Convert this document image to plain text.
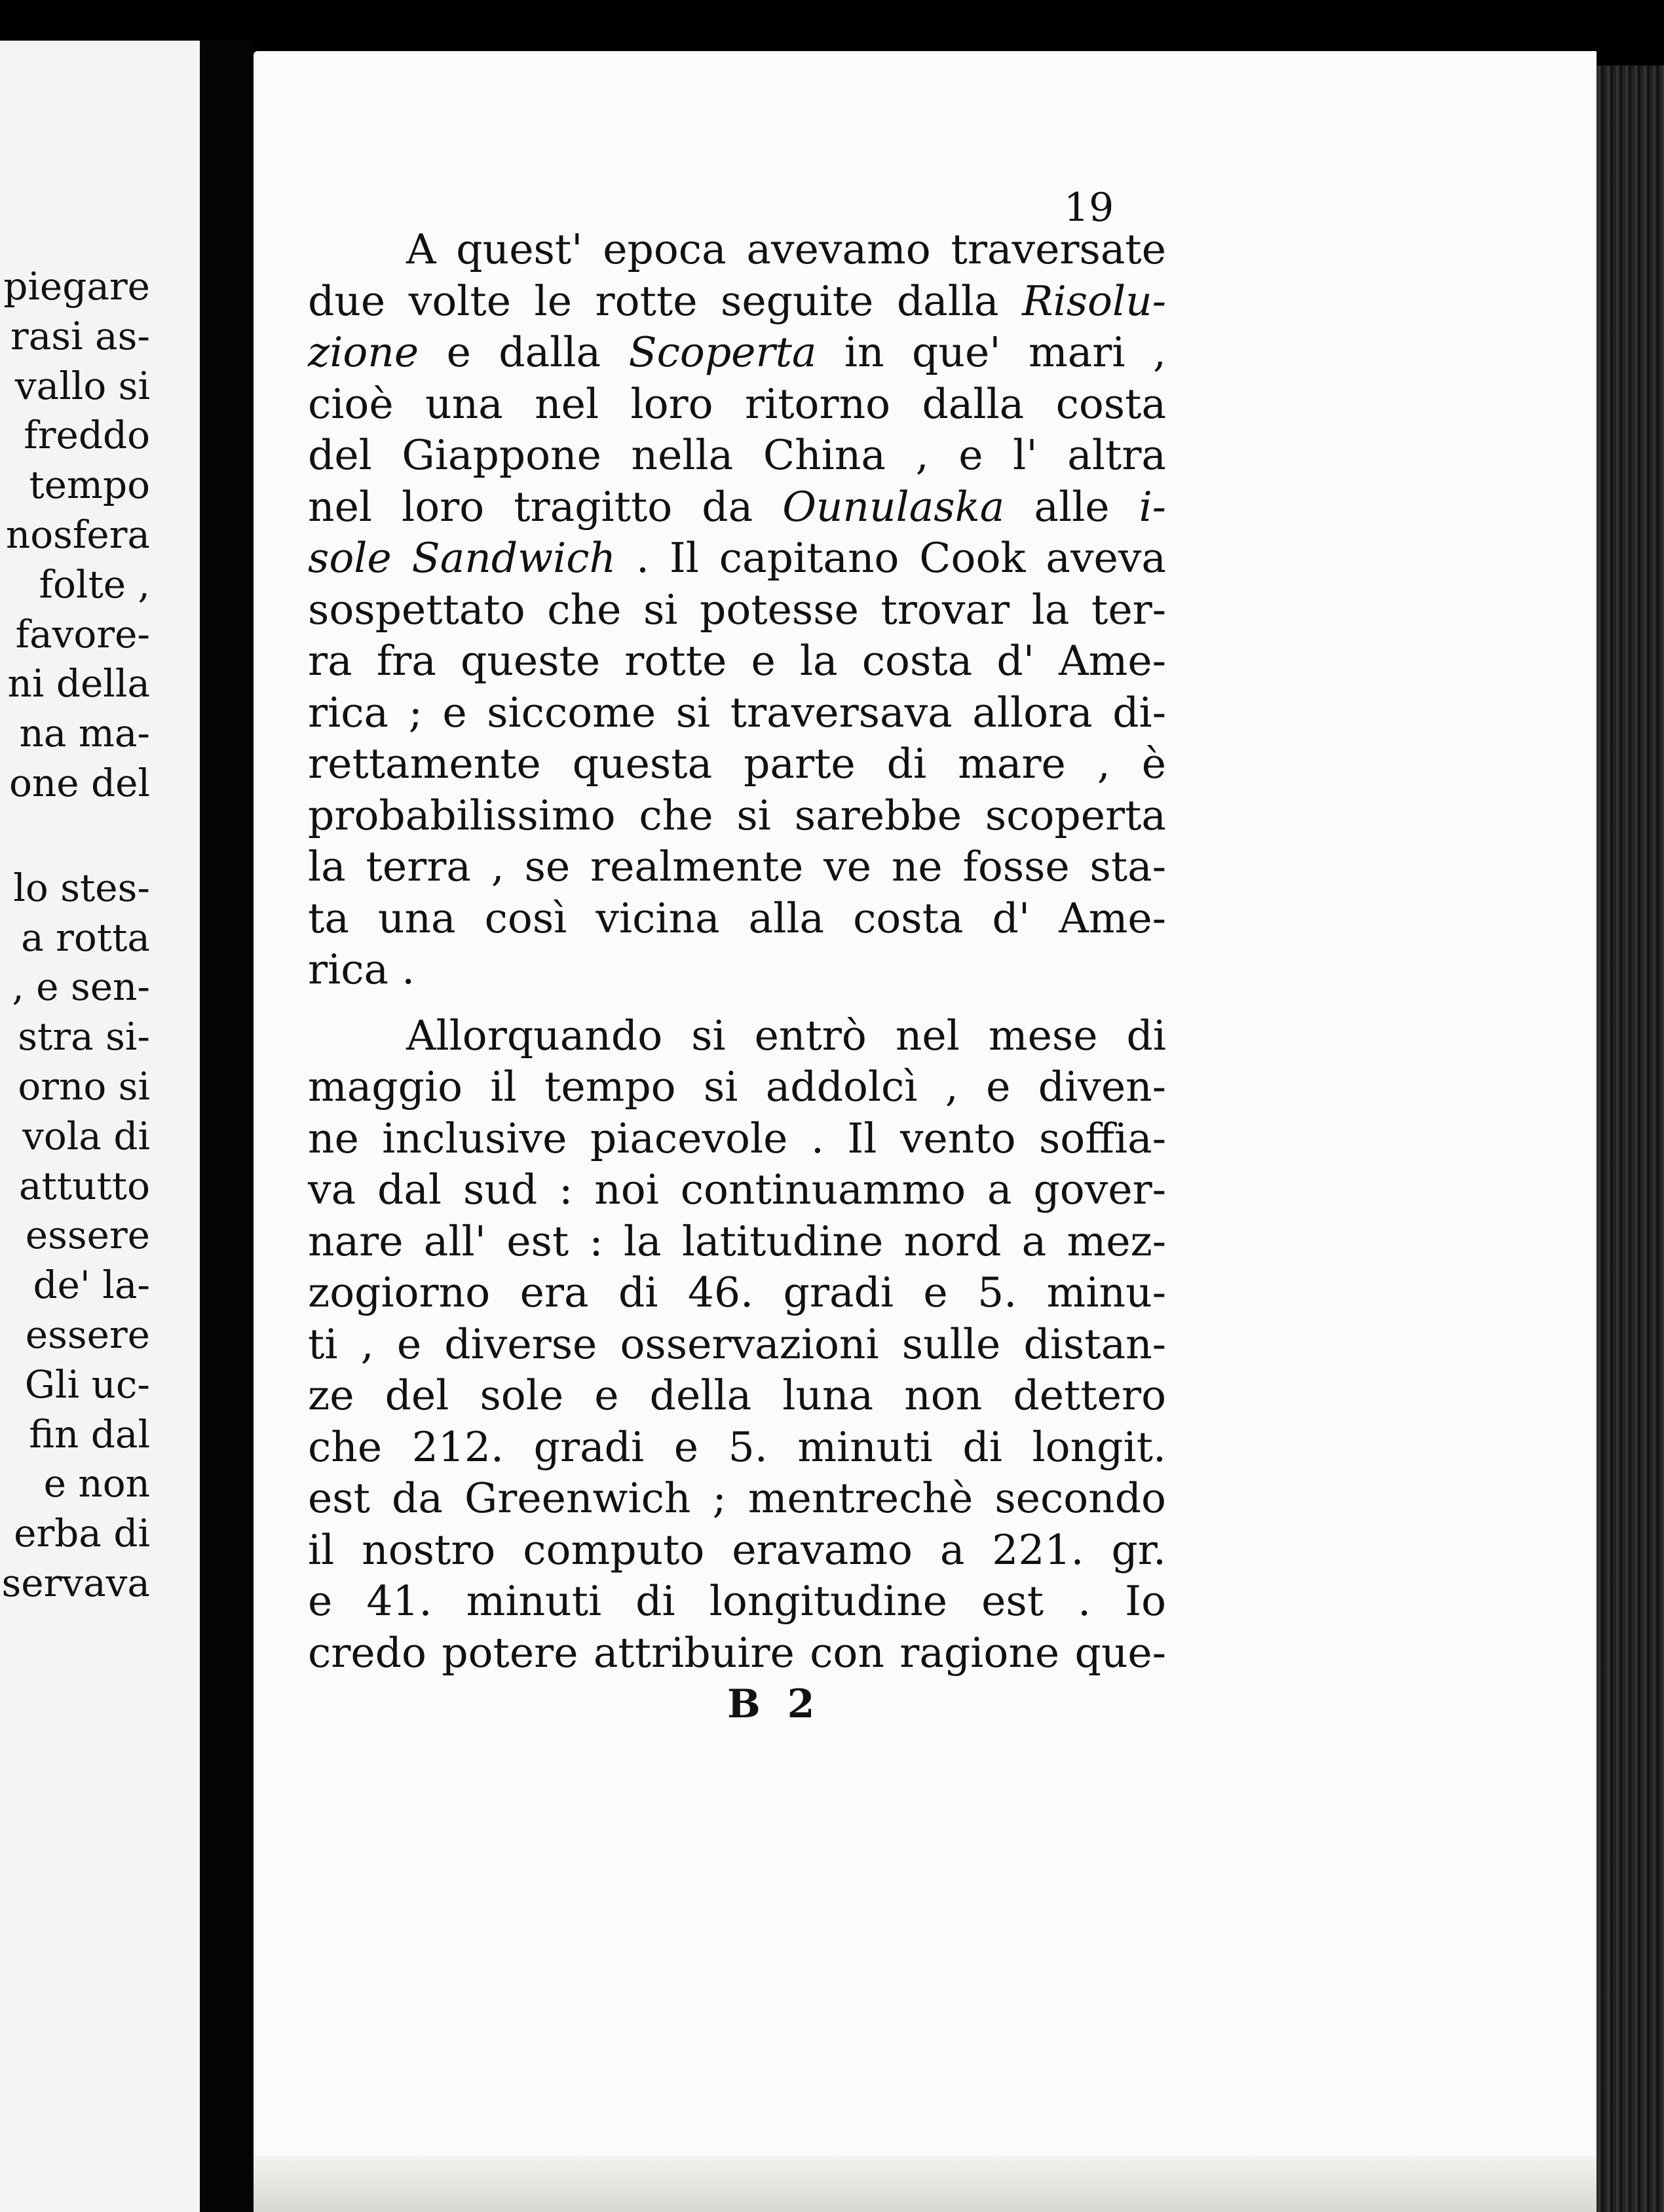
piegare
rasi as-
vallo si
freddo
tempo
nosfera
folte ,
favore-
ni della
na ma-
one del
lo stes-
a rotta
, e sen-
stra si-
orno si
vola di
attutto
essere
de' la-
essere
Gli uc-
fin dal
e non
erba di
servava
19
A quest' epoca avevamo traversate
due volte le rotte seguite dalla Risolu-
zione e dalla Scoperta in que' mari ,
cioè una nel loro ritorno dalla costa
del Giappone nella China , e l' altra
nel loro tragitto da Ounulaska alle i-
sole Sandwich . Il capitano Cook aveva
sospettato che si potesse trovar la ter-
ra fra queste rotte e la costa d' Ame-
rica ; e siccome si traversava allora di-
rettamente questa parte di mare , è
probabilissimo che si sarebbe scoperta
la terra , se realmente ve ne fosse sta-
ta una così vicina alla costa d' Ame-
rica .
Allorquando si entrò nel mese di
maggio il tempo si addolcì , e diven-
ne inclusive piacevole . Il vento soffia-
va dal sud : noi continuammo a gover-
nare all' est : la latitudine nord a mez-
zogiorno era di 46. gradi e 5. minu-
ti , e diverse osservazioni sulle distan-
ze del sole e della luna non dettero
che 212. gradi e 5. minuti di longit.
est da Greenwich ; mentrechè secondo
il nostro computo eravamo a 221. gr.
e 41. minuti di longitudine est . Io
credo potere attribuire con ragione que-
B 2
